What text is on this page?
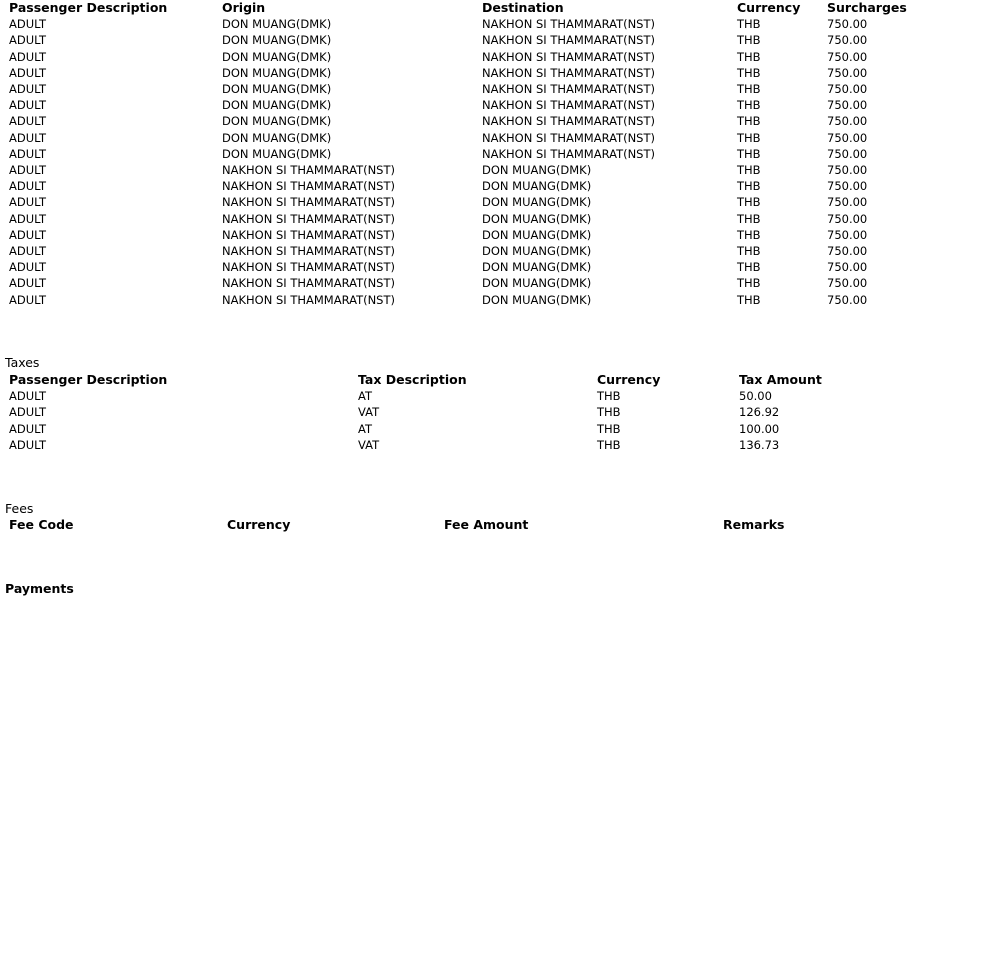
Passenger Description	Origin	Destination	Currency	Surcharges
ADULT	DON MUANG(DMK)	NAKHON SI THAMMARAT(NST)	THB	750.00
ADULT	DON MUANG(DMK)	NAKHON SI THAMMARAT(NST)	THB	750.00
ADULT	DON MUANG(DMK)	NAKHON SI THAMMARAT(NST)	THB	750.00
ADULT	DON MUANG(DMK)	NAKHON SI THAMMARAT(NST)	THB	750.00
ADULT	DON MUANG(DMK)	NAKHON SI THAMMARAT(NST)	THB	750.00
ADULT	DON MUANG(DMK)	NAKHON SI THAMMARAT(NST)	THB	750.00
ADULT	DON MUANG(DMK)	NAKHON SI THAMMARAT(NST)	THB	750.00
ADULT	DON MUANG(DMK)	NAKHON SI THAMMARAT(NST)	THB	750.00
ADULT	DON MUANG(DMK)	NAKHON SI THAMMARAT(NST)	THB	750.00
ADULT	NAKHON SI THAMMARAT(NST)	DON MUANG(DMK)	THB	750.00
ADULT	NAKHON SI THAMMARAT(NST)	DON MUANG(DMK)	THB	750.00
ADULT	NAKHON SI THAMMARAT(NST)	DON MUANG(DMK)	THB	750.00
ADULT	NAKHON SI THAMMARAT(NST)	DON MUANG(DMK)	THB	750.00
ADULT	NAKHON SI THAMMARAT(NST)	DON MUANG(DMK)	THB	750.00
ADULT	NAKHON SI THAMMARAT(NST)	DON MUANG(DMK)	THB	750.00
ADULT	NAKHON SI THAMMARAT(NST)	DON MUANG(DMK)	THB	750.00
ADULT	NAKHON SI THAMMARAT(NST)	DON MUANG(DMK)	THB	750.00
ADULT	NAKHON SI THAMMARAT(NST)	DON MUANG(DMK)	THB	750.00
Taxes
Passenger Description	Tax Description	Currency	Tax Amount
ADULT	AT	THB	50.00
ADULT	VAT	THB	126.92
ADULT	AT	THB	100.00
ADULT	VAT	THB	136.73
Fees
Fee Code	Currency	Fee Amount	Remarks
Payments
